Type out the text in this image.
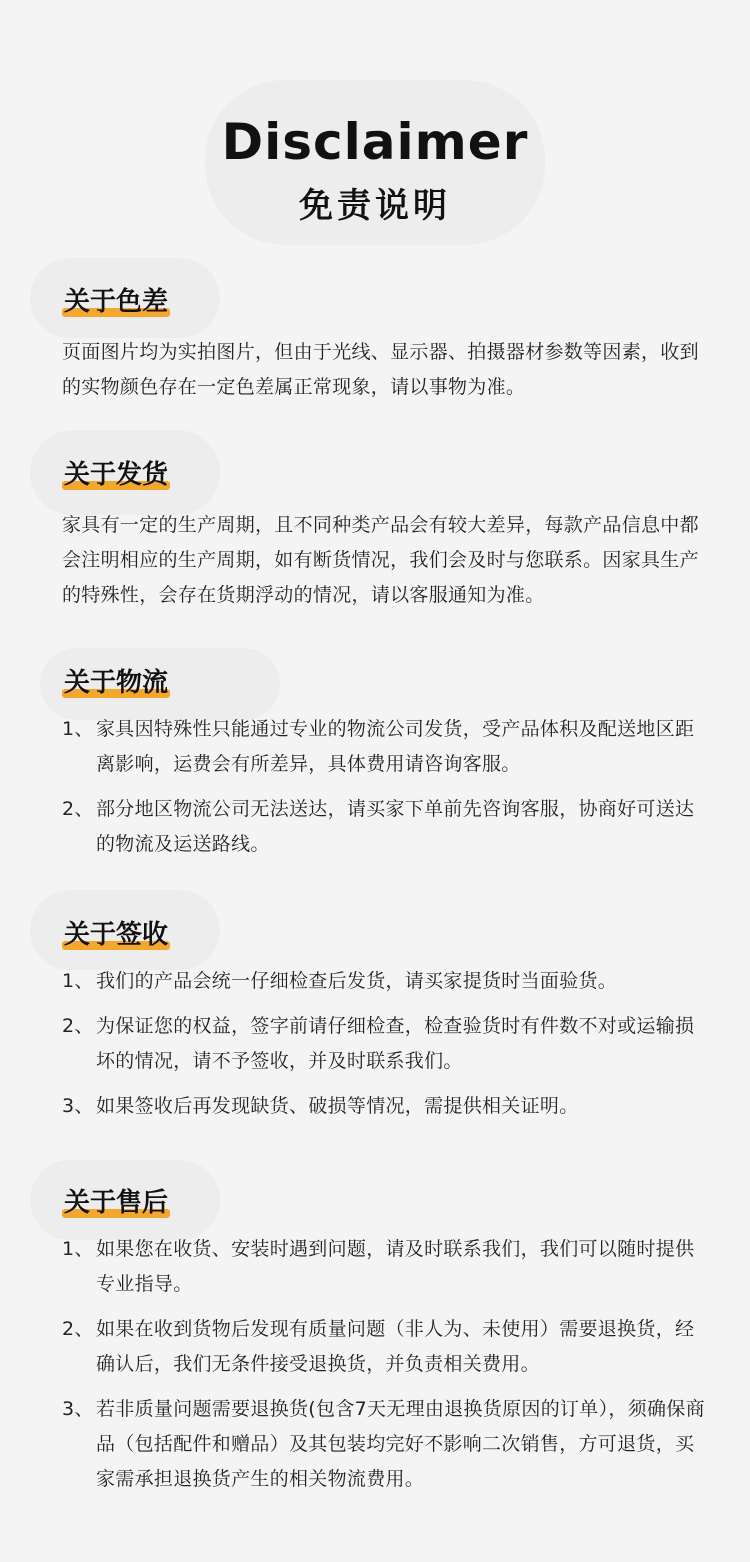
Disclaimer
免责说明
关于色差
页面图片均为实拍图片，但由于光线、显示器、拍摄器材参数等因素，收到的实物颜色存在一定色差属正常现象，请以事物为准。
关于发货
家具有一定的生产周期，且不同种类产品会有较大差异，每款产品信息中都会注明相应的生产周期，如有断货情况，我们会及时与您联系。因家具生产的特殊性，会存在货期浮动的情况，请以客服通知为准。
关于物流
1、 家具因特殊性只能通过专业的物流公司发货，受产品体积及配送地区距离影响，运费会有所差异，具体费用请咨询客服。
2、 部分地区物流公司无法送达，请买家下单前先咨询客服，协商好可送达的物流及运送路线。
关于签收
1、 我们的产品会统一仔细检查后发货，请买家提货时当面验货。
2、 为保证您的权益，签字前请仔细检查，检查验货时有件数不对或运输损坏的情况，请不予签收，并及时联系我们。
3、 如果签收后再发现缺货、破损等情况，需提供相关证明。
关于售后
1、 如果您在收货、安装时遇到问题，请及时联系我们，我们可以随时提供专业指导。
2、 如果在收到货物后发现有质量问题（非人为、未使用）需要退换货，经确认后，我们无条件接受退换货，并负责相关费用。
3、 若非质量问题需要退换货(包含7天无理由退换货原因的订单），须确保商品（包括配件和赠品）及其包装均完好不影响二次销售，方可退货，买家需承担退换货产生的相关物流费用。
